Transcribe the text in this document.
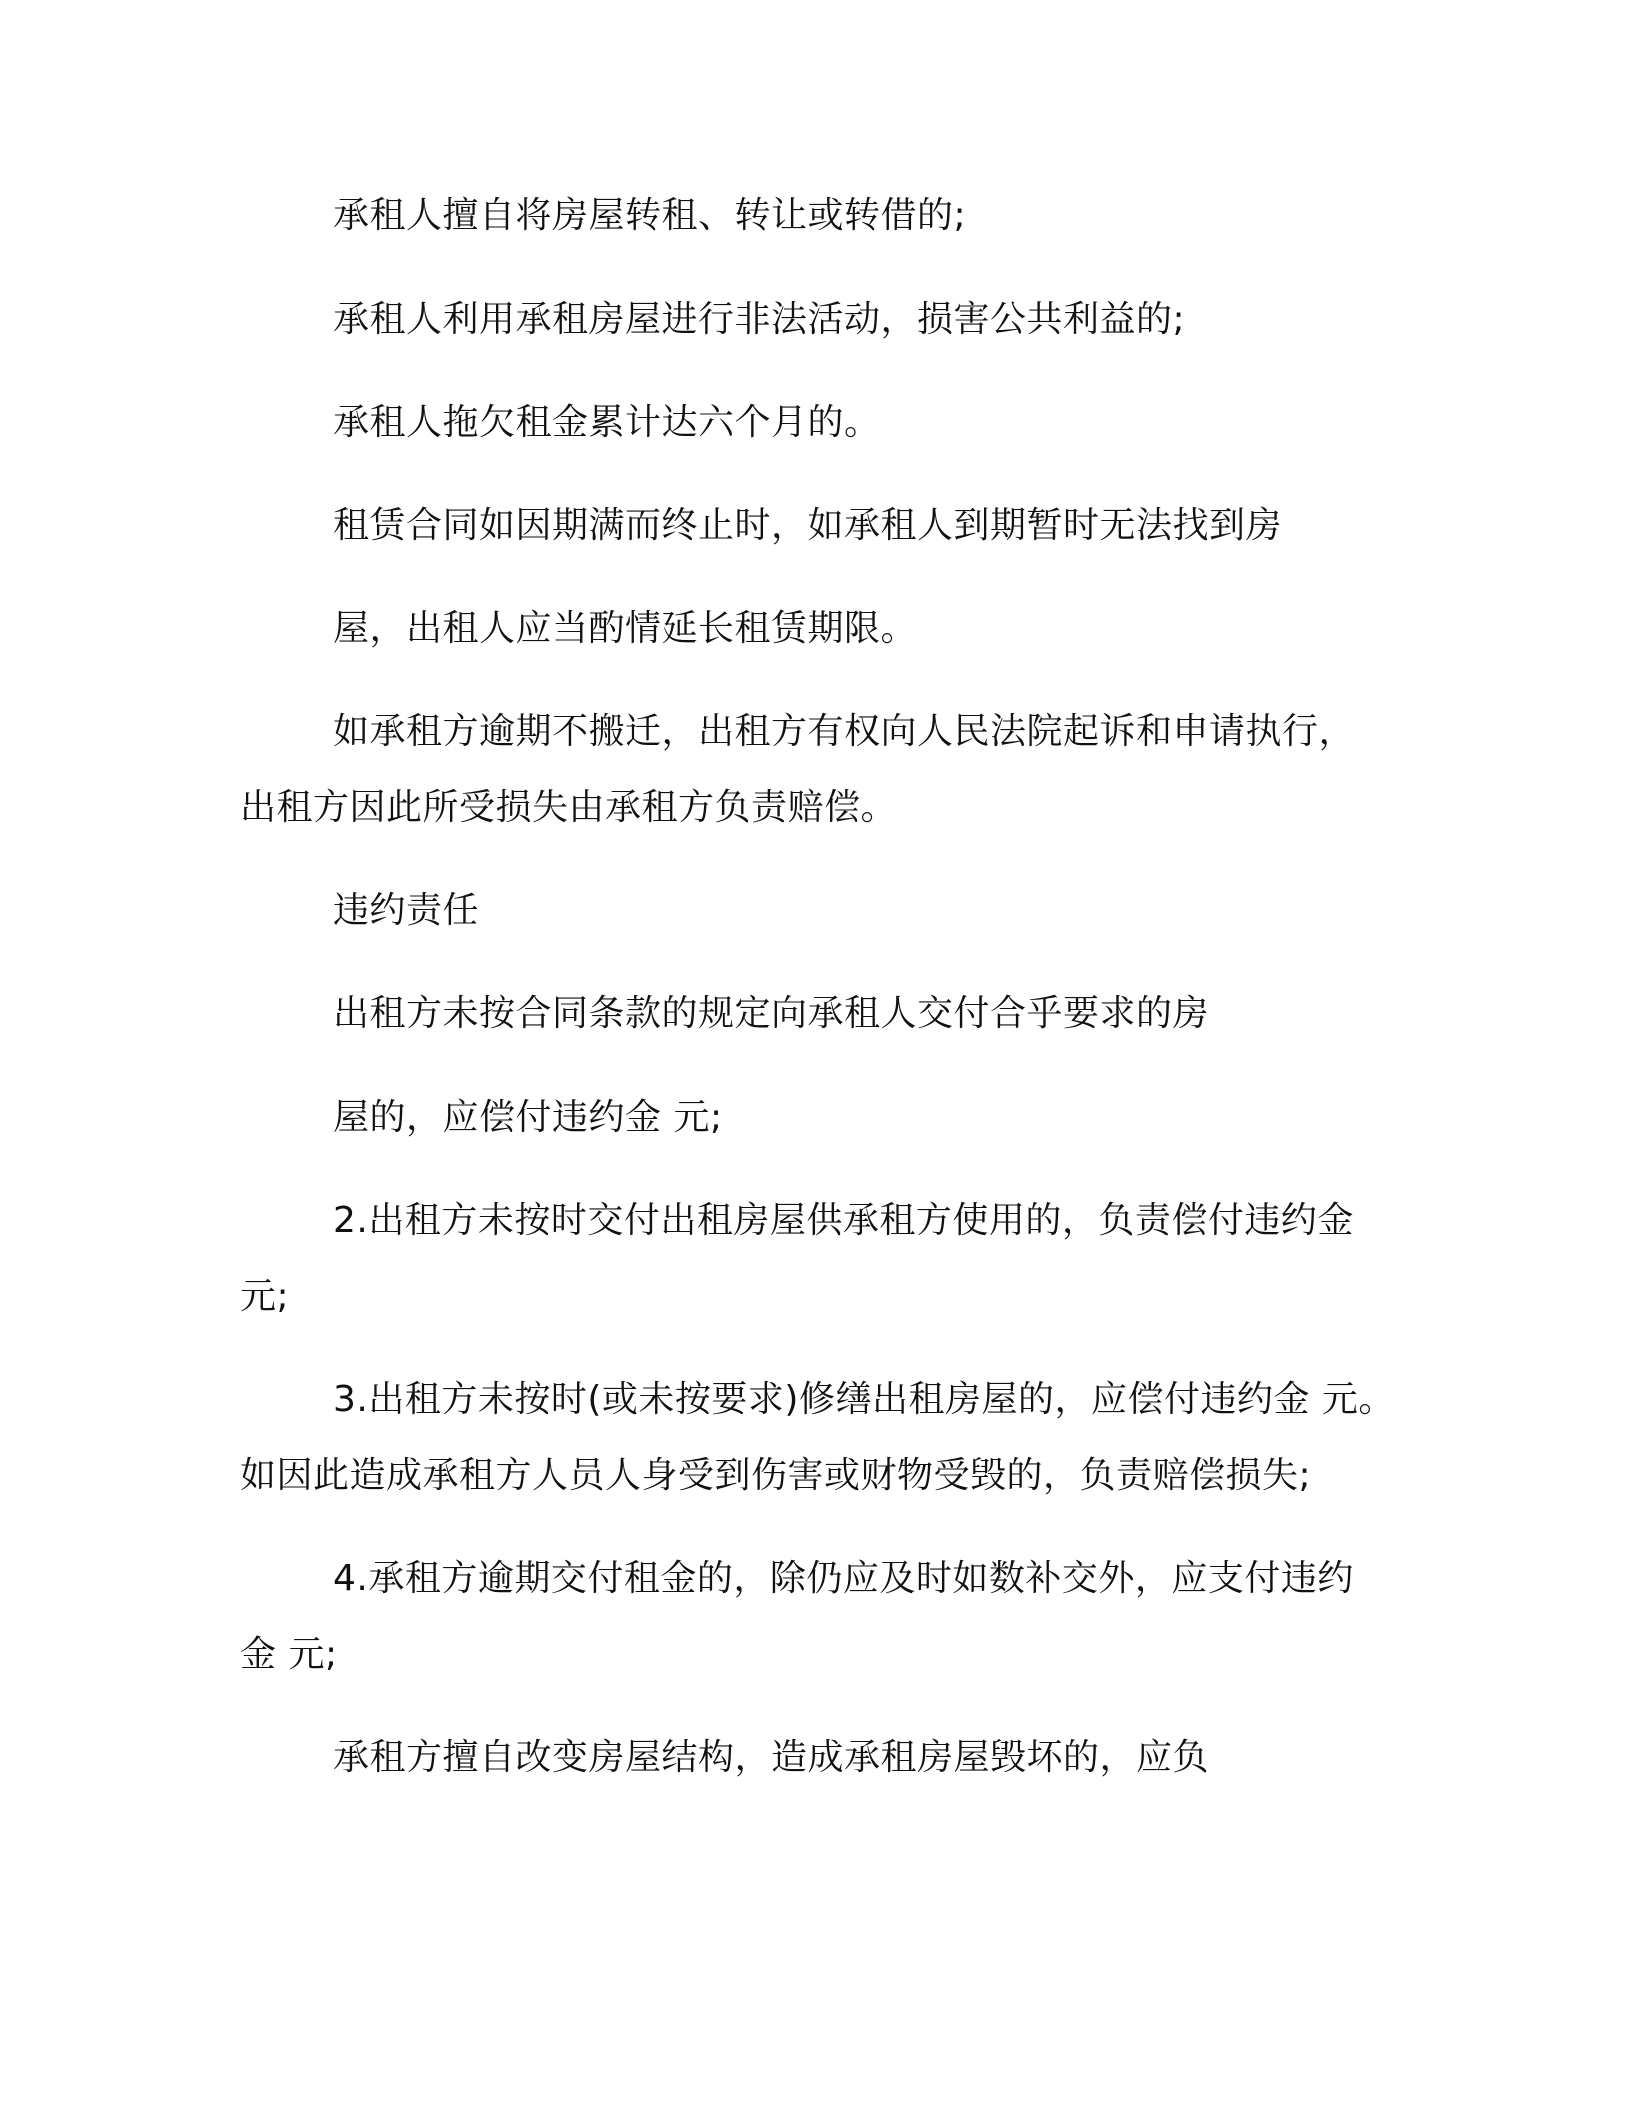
承租人擅自将房屋转租、转让或转借的;

承租人利用承租房屋进行非法活动，损害公共利益的;

承租人拖欠租金累计达六个月的。

租赁合同如因期满而终止时，如承租人到期暂时无法找到房

屋，出租人应当酌情延长租赁期限。

如承租方逾期不搬迁，出租方有权向人民法院起诉和申请执行，

出租方因此所受损失由承租方负责赔偿。

违约责任

出租方未按合同条款的规定向承租人交付合乎要求的房

屋的，应偿付违约金 元;

2.出租方未按时交付出租房屋供承租方使用的，负责偿付违约金

元;

3.出租方未按时(或未按要求)修缮出租房屋的，应偿付违约金 元。

如因此造成承租方人员人身受到伤害或财物受毁的，负责赔偿损失;

4.承租方逾期交付租金的，除仍应及时如数补交外，应支付违约

金 元;

承租方擅自改变房屋结构，造成承租房屋毁坏的，应负
